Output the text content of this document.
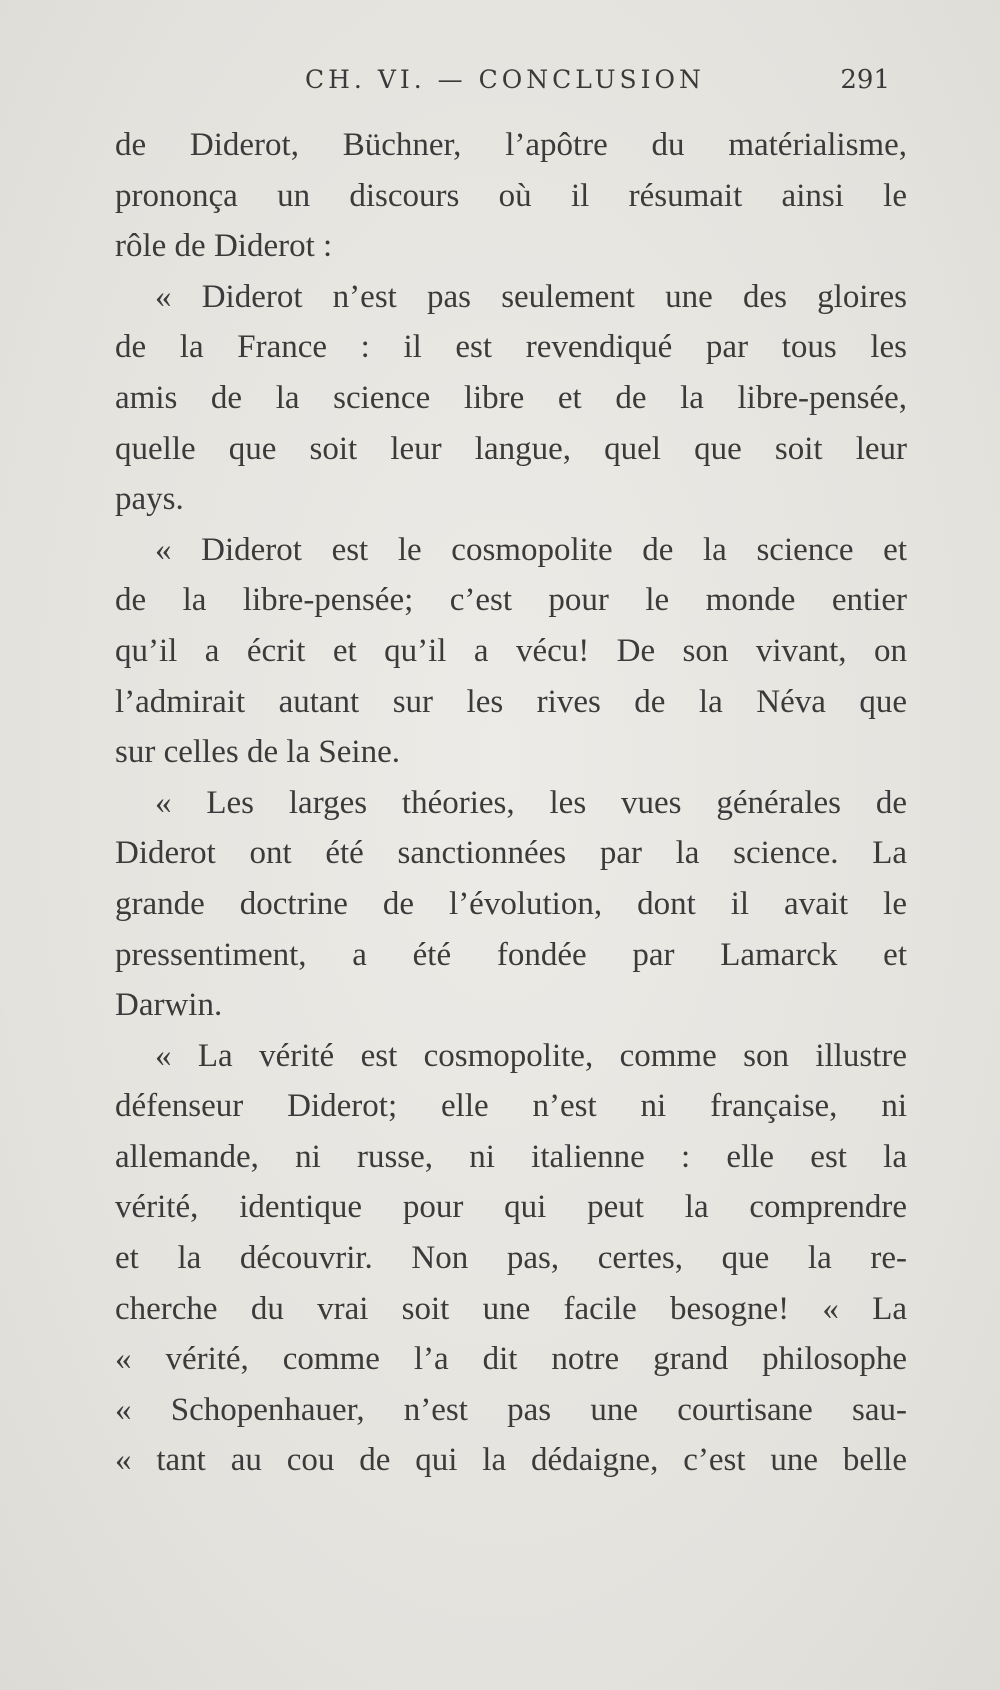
CH. VI. — CONCLUSION	291
de Diderot, Büchner, l’apôtre du matérialisme,
prononça un discours où il résumait ainsi le
rôle de Diderot :
« Diderot n’est pas seulement une des gloires
de la France : il est revendiqué par tous les
amis de la science libre et de la libre-pensée,
quelle que soit leur langue, quel que soit leur
pays.
« Diderot est le cosmopolite de la science et
de la libre-pensée; c’est pour le monde entier
qu’il a écrit et qu’il a vécu! De son vivant, on
l’admirait autant sur les rives de la Néva que
sur celles de la Seine.
« Les larges théories, les vues générales de
Diderot ont été sanctionnées par la science. La
grande doctrine de l’évolution, dont il avait le
pressentiment, a été fondée par Lamarck et
Darwin.
« La vérité est cosmopolite, comme son illustre
défenseur Diderot; elle n’est ni française, ni
allemande, ni russe, ni italienne : elle est la
vérité, identique pour qui peut la comprendre
et la découvrir. Non pas, certes, que la re-
cherche du vrai soit une facile besogne! « La
« vérité, comme l’a dit notre grand philosophe
« Schopenhauer, n’est pas une courtisane sau-
« tant au cou de qui la dédaigne, c’est une belle
